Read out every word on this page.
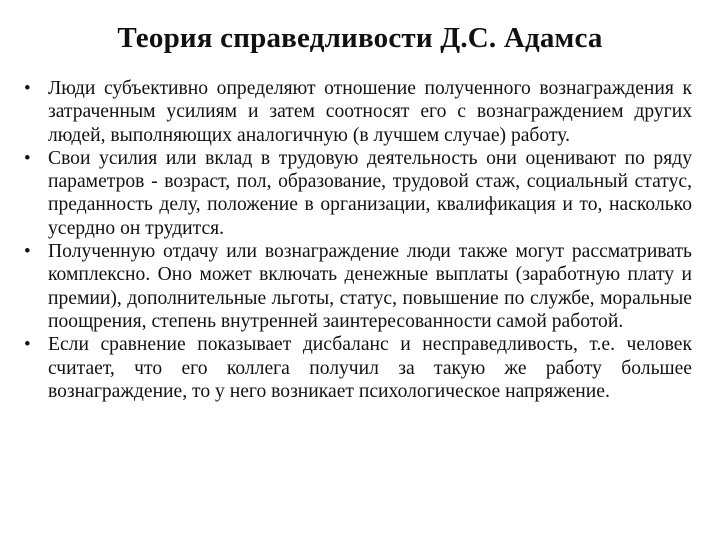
Теория справедливости Д.С. Адамса
• Люди субъективно определяют отношение полученного вознаграждения к затраченным усилиям и затем соотносят его с вознаграждением других людей, выполняющих аналогичную (в лучшем случае) работу.
• Свои усилия или вклад в трудовую деятельность они оценивают по ряду параметров - возраст, пол, образование, трудовой стаж, социальный статус, преданность делу, положение в организации, квалификация и то, насколько усердно он трудится.
• Полученную отдачу или вознаграждение люди также могут рассматривать комплексно. Оно может включать денежные выплаты (заработную плату и премии), дополнительные льготы, статус, повышение по службе, моральные поощрения, степень внутренней заинтересованности самой работой.
• Если сравнение показывает дисбаланс и несправедливость, т.е. человек считает, что его коллега получил за такую же работу большее вознаграждение, то у него возникает психологическое напряжение.
